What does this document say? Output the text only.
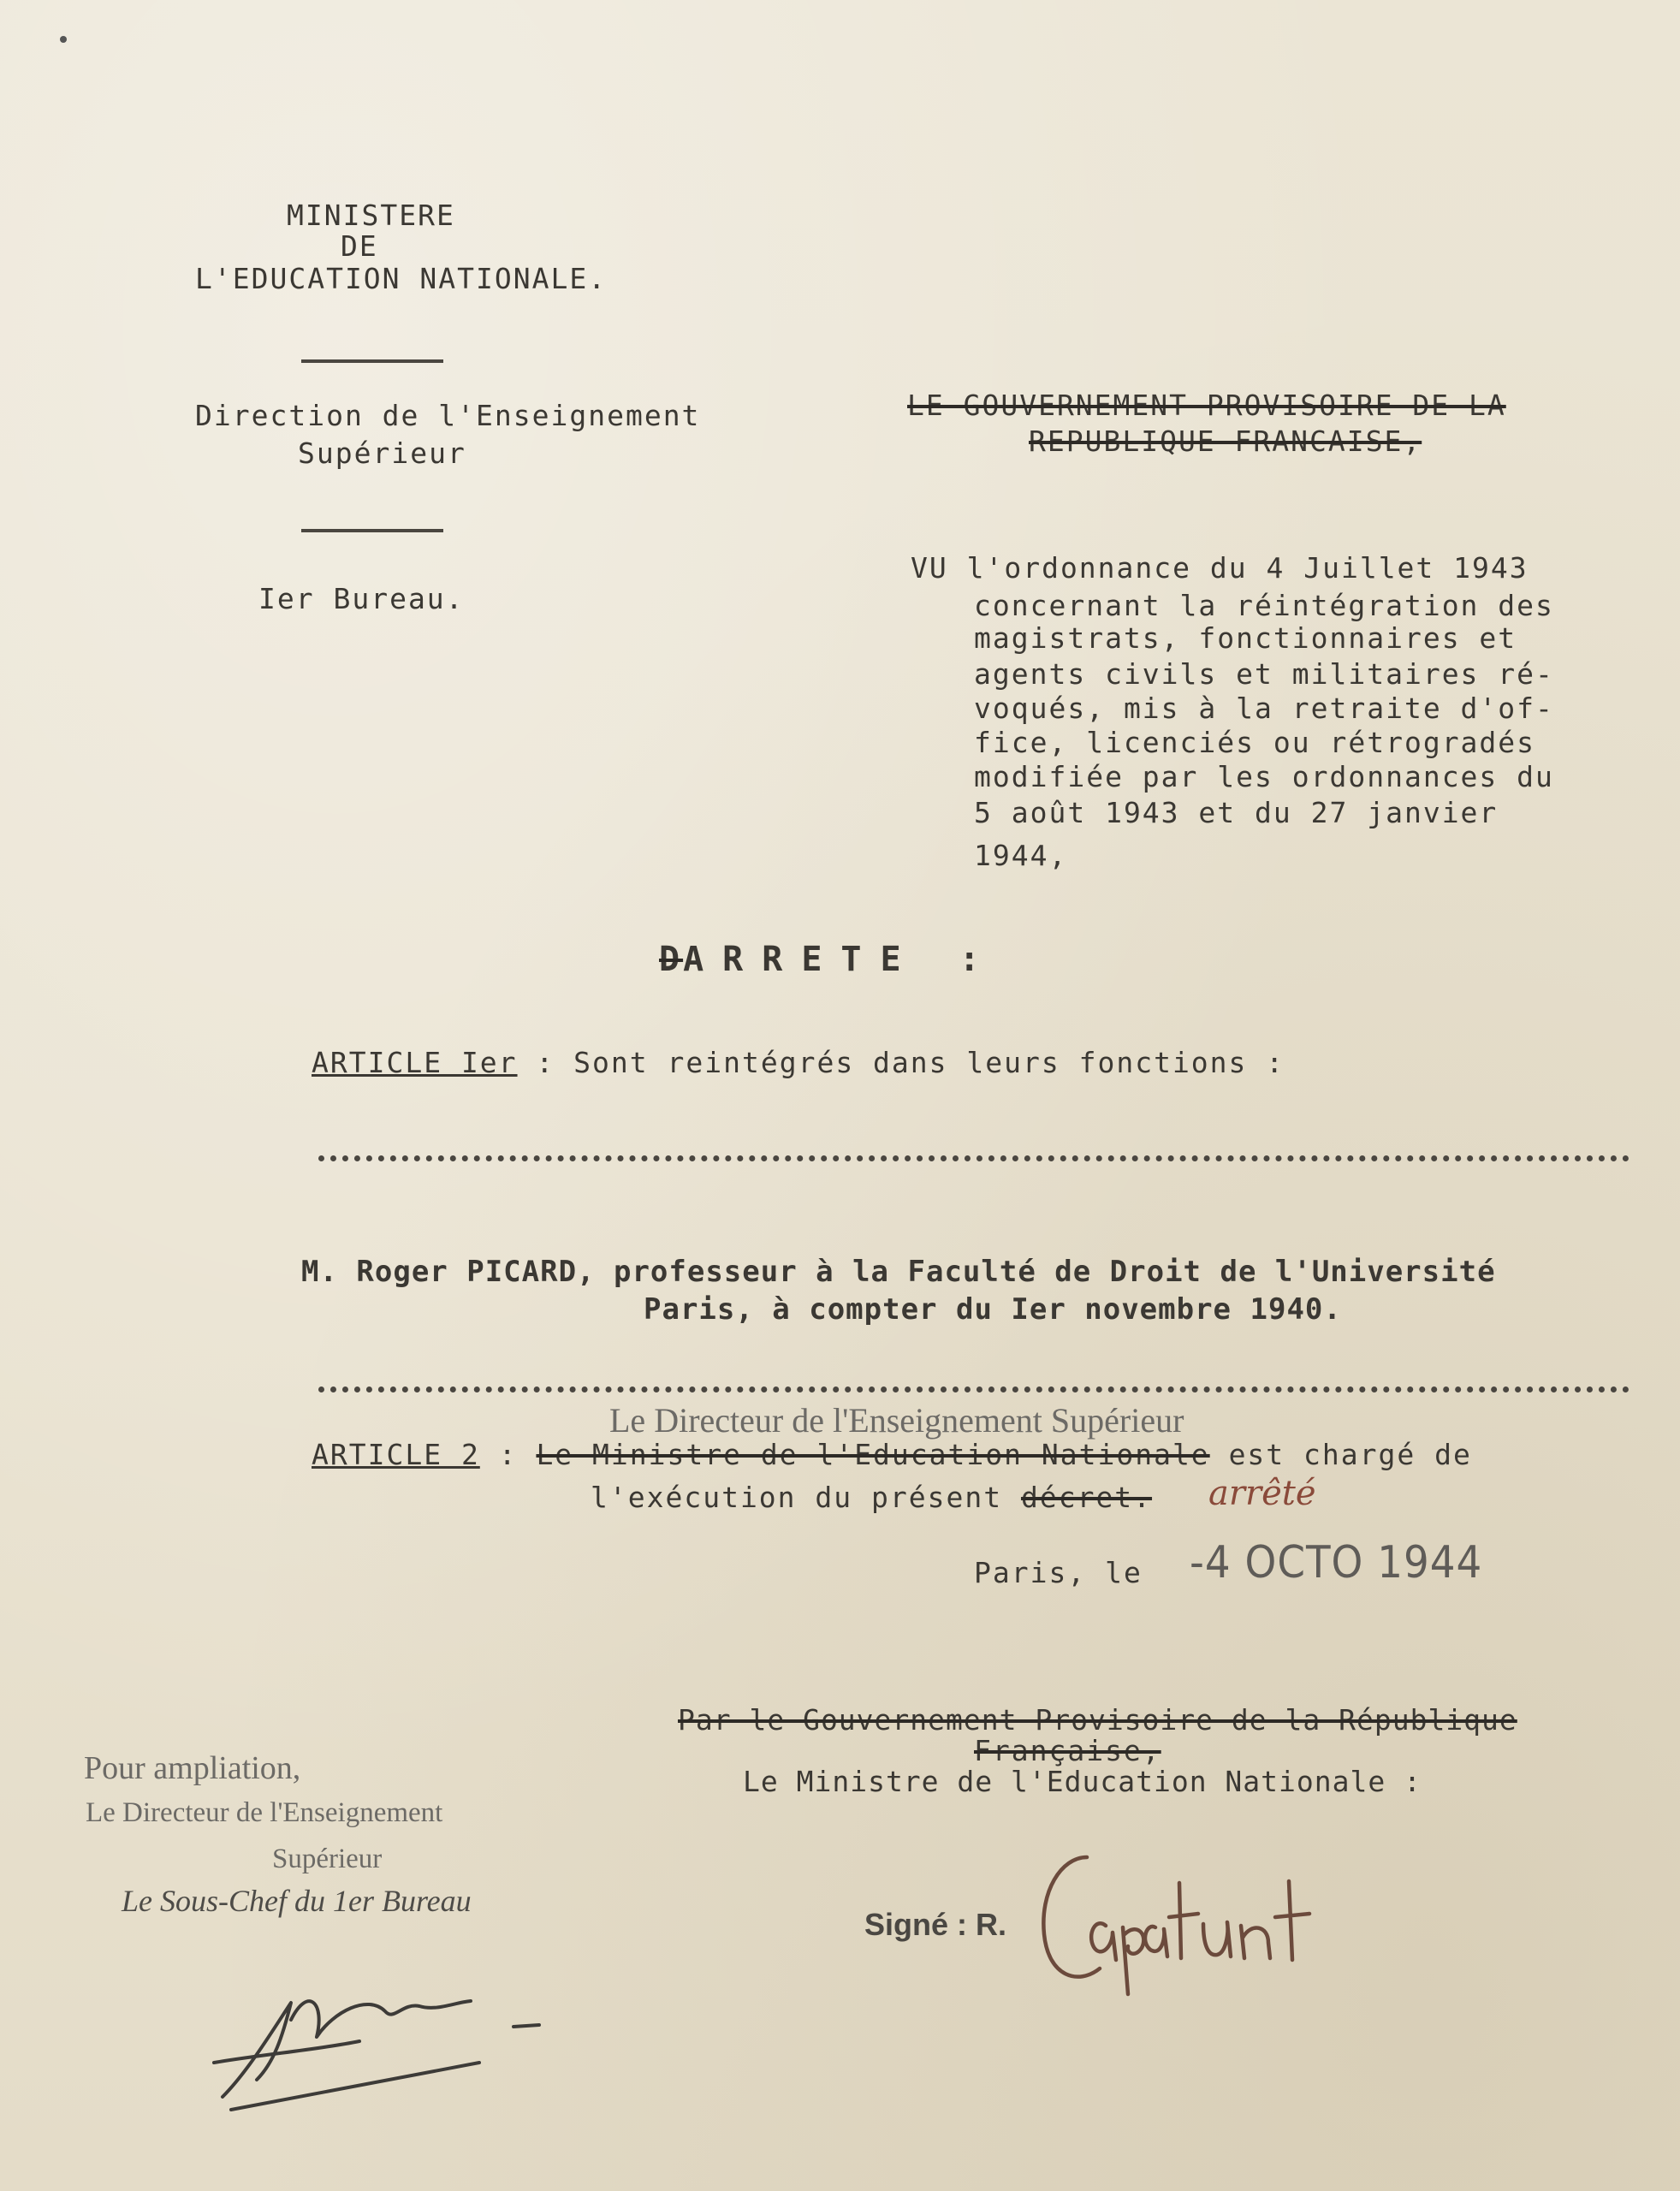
MINISTERE
DE
L'EDUCATION NATIONALE.
Direction de l'Enseignement
Supérieur
Ier Bureau.
LE GOUVERNEMENT PROVISOIRE DE LA
REPUBLIQUE FRANCAISE,
VU l'ordonnance du 4 Juillet 1943
concernant la réintégration des
magistrats, fonctionnaires et
agents civils et militaires ré-
voqués, mis à la retraite d'of-
fice, licenciés ou rétrogradés
modifiée par les ordonnances du
5 août 1943 et du 27 janvier
1944,
DARRETE :
ARTICLE Ier : Sont reintégrés dans leurs fonctions :
M. Roger PICARD, professeur à la Faculté de Droit de l'Université
Paris, à compter du Ier novembre 1940.
Le Directeur de l'Enseignement Supérieur
ARTICLE 2 : Le Ministre de l'Education Nationale est chargé de
l'exécution du présent décret. arrêté
Paris, le -4 OCTO 1944
Par le Gouvernement Provisoire de la République
Française,
Le Ministre de l'Education Nationale :
Signé : R.
Pour ampliation,
Le Directeur de l'Enseignement
Supérieur
Le Sous-Chef du 1er Bureau
